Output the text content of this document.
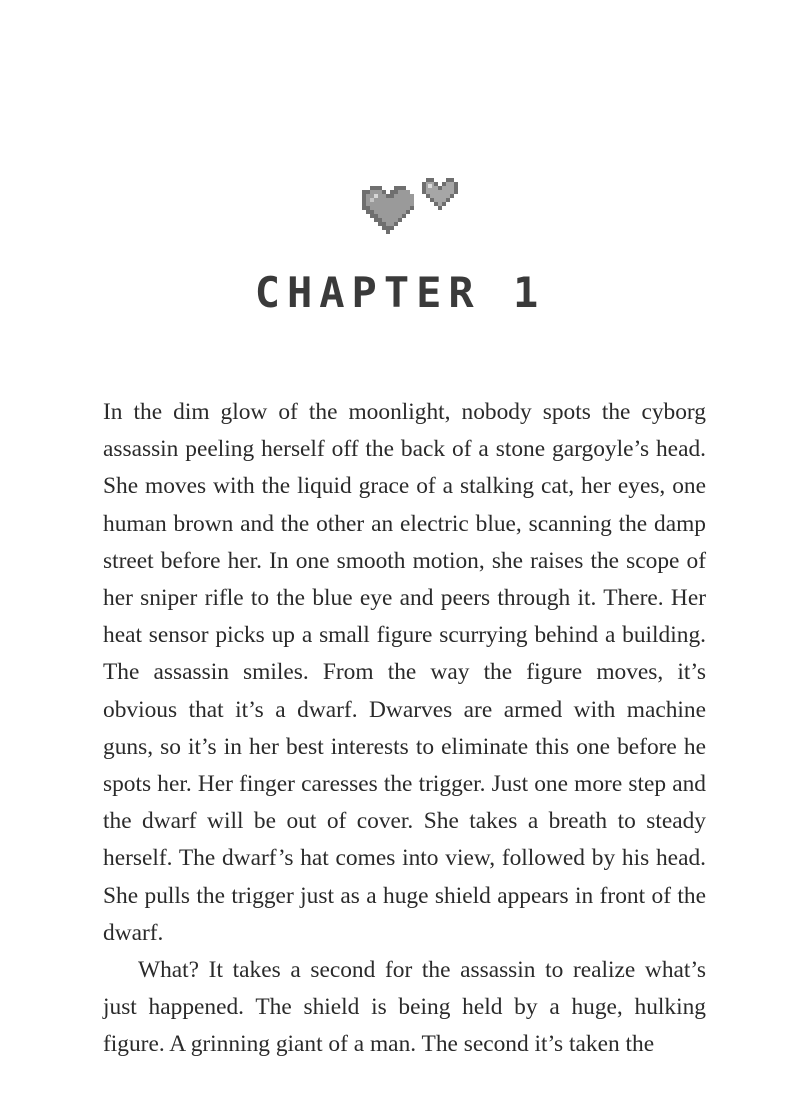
CHAPTER 1

In the dim glow of the moonlight, nobody spots the cyborg assassin peeling herself off the back of a stone gargoyle’s head. She moves with the liquid grace of a stalking cat, her eyes, one human brown and the other an electric blue, scanning the damp street before her. In one smooth motion, she raises the scope of her sniper rifle to the blue eye and peers through it. There. Her heat sensor picks up a small figure scurrying behind a building. The assassin smiles. From the way the figure moves, it’s obvious that it’s a dwarf. Dwarves are armed with machine guns, so it’s in her best interests to eliminate this one before he spots her. Her finger caresses the trigger. Just one more step and the dwarf will be out of cover. She takes a breath to steady herself. The dwarf’s hat comes into view, followed by his head. She pulls the trigger just as a huge shield appears in front of the dwarf.

What? It takes a second for the assassin to realize what’s just happened. The shield is being held by a huge, hulking figure. A grinning giant of a man. The second it’s taken the
